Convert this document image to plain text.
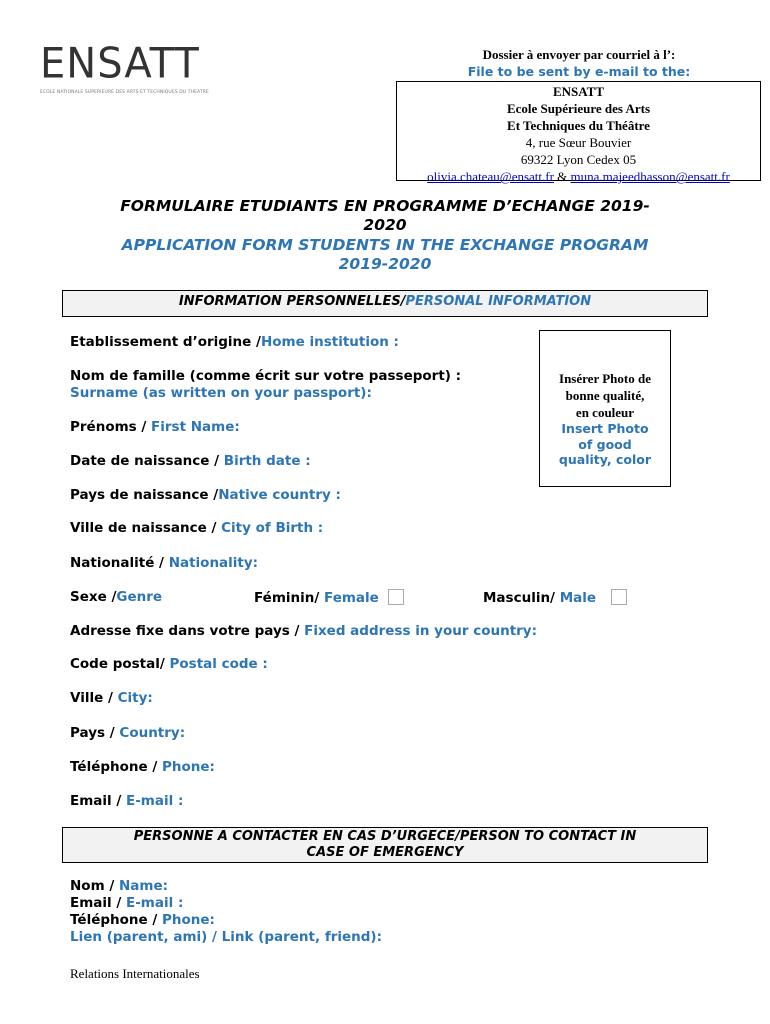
ENSATT
ECOLE NATIONALE SUPERIEURE DES ARTS ET TECHNIQUES DU THEATRE
Dossier à envoyer par courriel à l’:
File to be sent by e-mail to the:
ENSATT
Ecole Supérieure des Arts
Et Techniques du Théâtre
4, rue Sœur Bouvier
69322 Lyon Cedex 05
olivia.chateau@ensatt.fr & muna.majeedhasson@ensatt.fr
FORMULAIRE ETUDIANTS EN PROGRAMME D’ECHANGE 2019-
2020
APPLICATION FORM STUDENTS IN THE EXCHANGE PROGRAM
2019-2020
INFORMATION PERSONNELLES/PERSONAL INFORMATION
Etablissement d’origine /Home institution :
Nom de famille (comme écrit sur votre passeport) :
Surname (as written on your passport):
Prénoms / First Name:
Date de naissance / Birth date :
Pays de naissance /Native country :
Ville de naissance / City of Birth :
Nationalité / Nationality:
Sexe /Genre	Féminin/ Female	Masculin/ Male
Adresse fixe dans votre pays / Fixed address in your country:
Code postal/ Postal code :
Ville / City:
Pays / Country:
Téléphone / Phone:
Email / E-mail :
Insérer Photo de
bonne qualité,
en couleur
Insert Photo
of good
quality, color
PERSONNE A CONTACTER EN CAS D’URGECE/PERSON TO CONTACT IN
CASE OF EMERGENCY
Nom / Name:
Email / E-mail :
Téléphone / Phone:
Lien (parent, ami) / Link (parent, friend):
Relations Internationales
